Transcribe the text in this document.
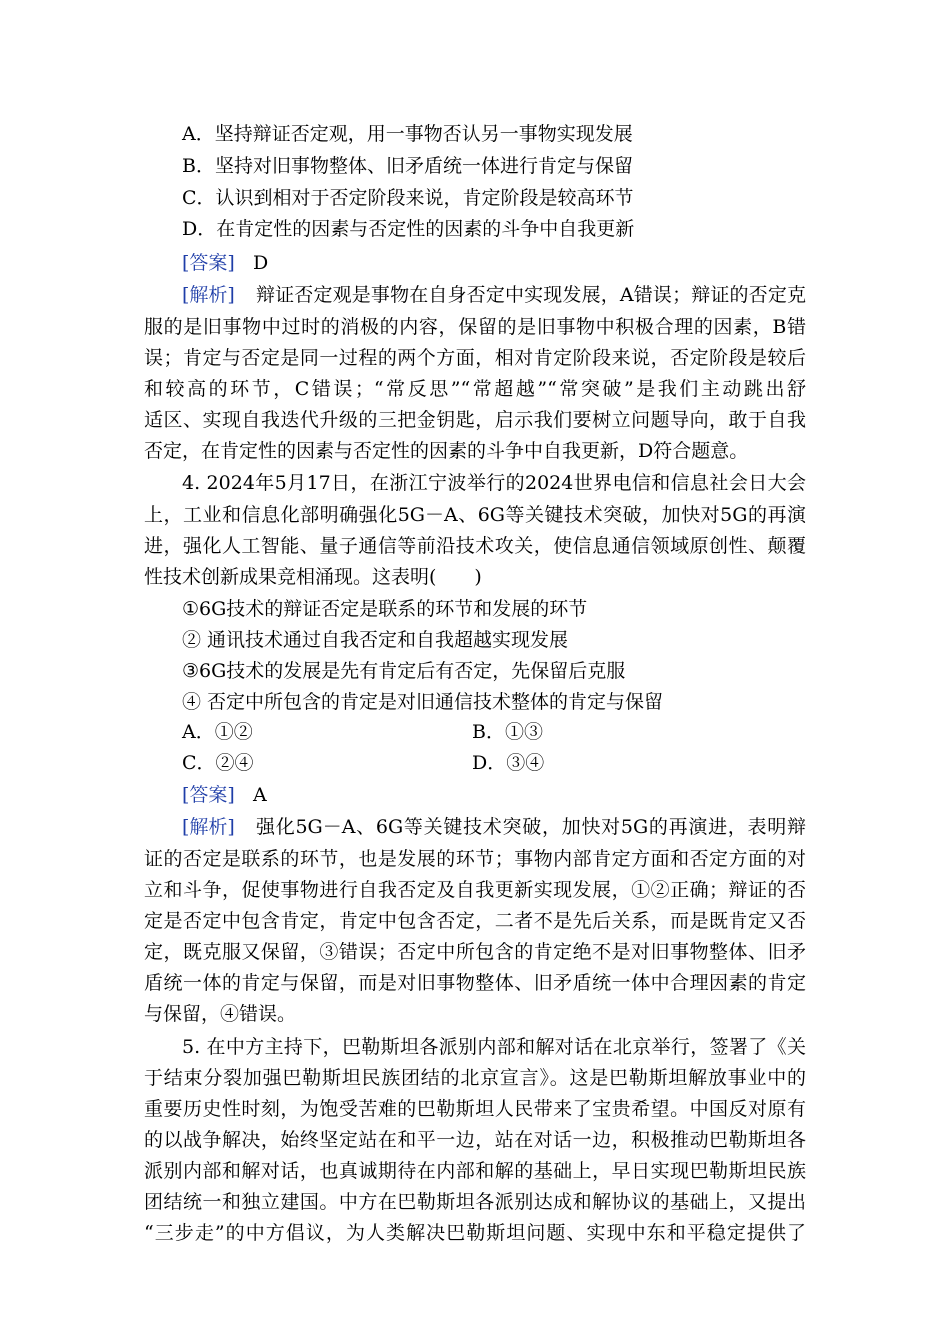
A．坚持辩证否定观，用一事物否认另一事物实现发展
B．坚持对旧事物整体、旧矛盾统一体进行肯定与保留
C．认识到相对于否定阶段来说，肯定阶段是较高环节
D．在肯定性的因素与否定性的因素的斗争中自我更新
[答案] D
[解析] 辩证否定观是事物在自身否定中实现发展，A错误；辩证的否定克
服的是旧事物中过时的消极的内容，保留的是旧事物中积极合理的因素，B错
误；肯定与否定是同一过程的两个方面，相对肯定阶段来说，否定阶段是较后
和较高的环节，C错误；“常反思”“常超越”“常突破”是我们主动跳出舒
适区、实现自我迭代升级的三把金钥匙，启示我们要树立问题导向，敢于自我
否定，在肯定性的因素与否定性的因素的斗争中自我更新，D符合题意。
4. 2024年5月17日，在浙江宁波举行的2024世界电信和信息社会日大会
上，工业和信息化部明确强化5G－A、6G等关键技术突破，加快对5G的再演
进，强化人工智能、量子通信等前沿技术攻关，使信息通信领域原创性、颠覆
性技术创新成果竞相涌现。这表明(　　)
①6G技术的辩证否定是联系的环节和发展的环节
② 通讯技术通过自我否定和自我超越实现发展
③6G技术的发展是先有肯定后有否定，先保留后克服
④ 否定中所包含的肯定是对旧通信技术整体的肯定与保留
A．①②	B．①③
C．②④	D．③④
[答案] A
[解析] 强化5G－A、6G等关键技术突破，加快对5G的再演进，表明辩
证的否定是联系的环节，也是发展的环节；事物内部肯定方面和否定方面的对
立和斗争，促使事物进行自我否定及自我更新实现发展，①②正确；辩证的否
定是否定中包含肯定，肯定中包含否定，二者不是先后关系，而是既肯定又否
定，既克服又保留，③错误；否定中所包含的肯定绝不是对旧事物整体、旧矛
盾统一体的肯定与保留，而是对旧事物整体、旧矛盾统一体中合理因素的肯定
与保留，④错误。
5. 在中方主持下，巴勒斯坦各派别内部和解对话在北京举行，签署了《关
于结束分裂加强巴勒斯坦民族团结的北京宣言》。这是巴勒斯坦解放事业中的
重要历史性时刻，为饱受苦难的巴勒斯坦人民带来了宝贵希望。中国反对原有
的以战争解决，始终坚定站在和平一边，站在对话一边，积极推动巴勒斯坦各
派别内部和解对话，也真诚期待在内部和解的基础上，早日实现巴勒斯坦民族
团结统一和独立建国。中方在巴勒斯坦各派别达成和解协议的基础上，又提出
“三步走”的中方倡议，为人类解决巴勒斯坦问题、实现中东和平稳定提供了
